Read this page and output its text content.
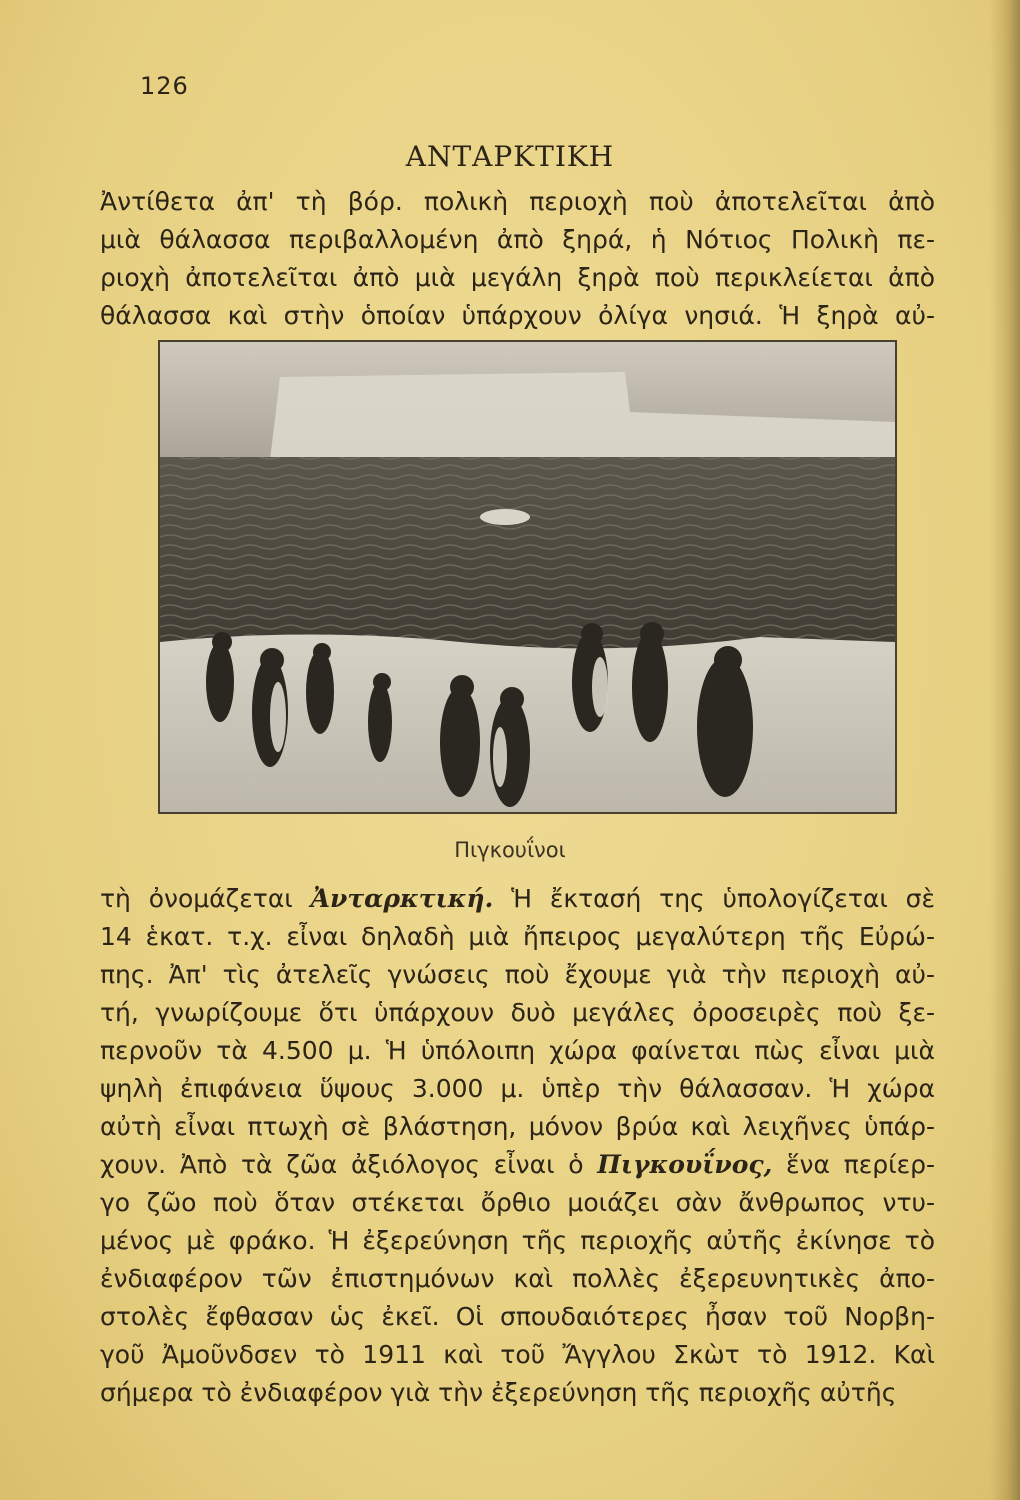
126
ΑΝΤΑΡΚΤΙΚΗ
Ἀντίθετα ἀπ' τὴ βόρ. πολικὴ περιοχὴ ποὺ ἀποτελεῖται ἀπὸ
μιὰ θάλασσα περιβαλλομένη ἀπὸ ξηρά, ἡ Νότιος Πολικὴ πε-
ριοχὴ ἀποτελεῖται ἀπὸ μιὰ μεγάλη ξηρὰ ποὺ περικλείεται ἀπὸ
θάλασσα καὶ στὴν ὁποίαν ὑπάρχουν ὀλίγα νησιά. Ἡ ξηρὰ αὐ-
Πιγκουΐνοι
τὴ ὀνομάζεται Ἀνταρκτική. Ἡ ἔκτασή της ὑπολογίζεται σὲ
14 ἑκατ. τ.χ. εἶναι δηλαδὴ μιὰ ἤπειρος μεγαλύτερη τῆς Εὐρώ-
πης. Ἀπ' τὶς ἀτελεῖς γνώσεις ποὺ ἔχουμε γιὰ τὴν περιοχὴ αὐ-
τή, γνωρίζουμε ὅτι ὑπάρχουν δυὸ μεγάλες ὀροσειρὲς ποὺ ξε-
περνοῦν τὰ 4.500 μ. Ἡ ὑπόλοιπη χώρα φαίνεται πὼς εἶναι μιὰ
ψηλὴ ἐπιφάνεια ὕψους 3.000 μ. ὑπὲρ τὴν θάλασσαν. Ἡ χώρα
αὐτὴ εἶναι πτωχὴ σὲ βλάστηση, μόνον βρύα καὶ λειχῆνες ὑπάρ-
χουν. Ἀπὸ τὰ ζῶα ἀξιόλογος εἶναι ὁ Πιγκουΐνος, ἕνα περίερ-
γο ζῶο ποὺ ὅταν στέκεται ὄρθιο μοιάζει σὰν ἄνθρωπος ντυ-
μένος μὲ φράκο. Ἡ ἐξερεύνηση τῆς περιοχῆς αὐτῆς ἐκίνησε τὸ
ἐνδιαφέρον τῶν ἐπιστημόνων καὶ πολλὲς ἐξερευνητικὲς ἀπο-
στολὲς ἔφθασαν ὡς ἐκεῖ. Οἱ σπουδαιότερες ἦσαν τοῦ Νορβη-
γοῦ Ἀμοῦνδσεν τὸ 1911 καὶ τοῦ Ἄγγλου Σκὼτ τὸ 1912. Καὶ
σήμερα τὸ ἐνδιαφέρον γιὰ τὴν ἐξερεύνηση τῆς περιοχῆς αὐτῆς
